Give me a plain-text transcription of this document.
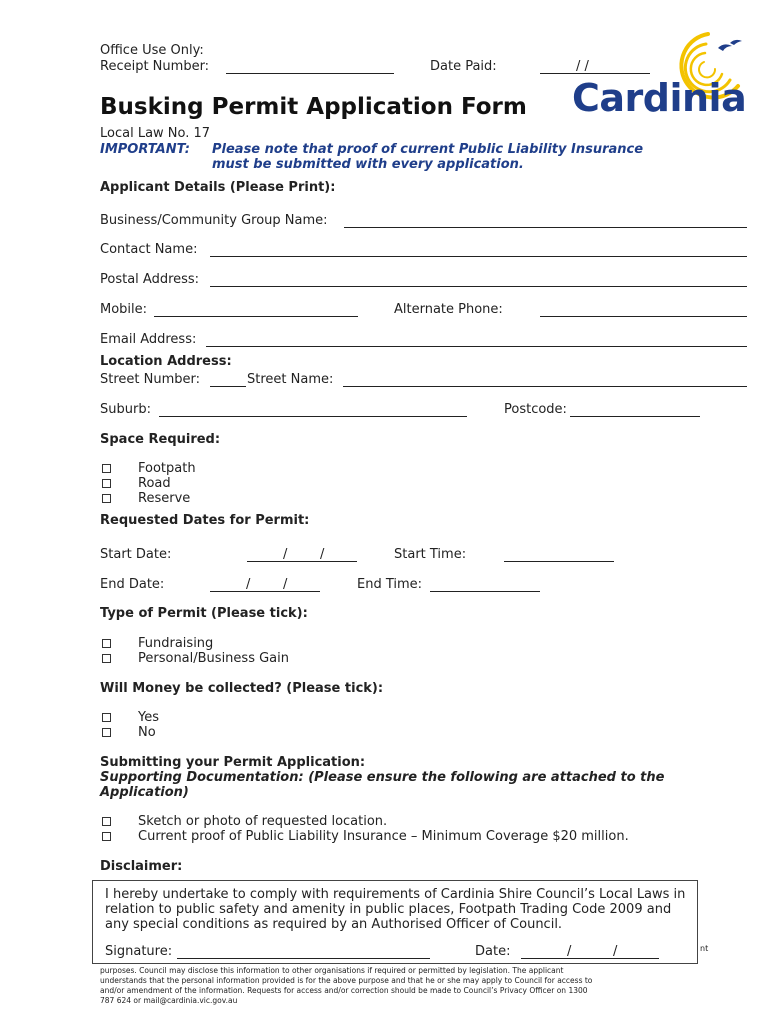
Office Use Only:
Receipt Number:	Date Paid:	/ /
Cardinia
Busking Permit Application Form
Local Law No. 17
IMPORTANT: Please note that proof of current Public Liability Insurance
must be submitted with every application.
Applicant Details (Please Print):
Business/Community Group Name:
Contact Name:
Postal Address:
Mobile:	Alternate Phone:
Email Address:
Location Address:
Street Number:	Street Name:
Suburb:	Postcode:
Space Required:
Footpath
Road
Reserve
Requested Dates for Permit:
Start Date:	/	/	Start Time:
End Date:	/	/	End Time:
Type of Permit (Please tick):
Fundraising
Personal/Business Gain
Will Money be collected? (Please tick):
Yes
No
Submitting your Permit Application:
Supporting Documentation: (Please ensure the following are attached to the
Application)
Sketch or photo of requested location.
Current proof of Public Liability Insurance – Minimum Coverage $20 million.
Disclaimer:
nt
purposes. Council may disclose this information to other organisations if required or permitted by legislation. The applicant
understands that the personal information provided is for the above purpose and that he or she may apply to Council for access to
and/or amendment of the information. Requests for access and/or correction should be made to Council’s Privacy Officer on 1300
787 624 or mail@cardinia.vic.gov.au
I hereby undertake to comply with requirements of Cardinia Shire Council’s Local Laws in
relation to public safety and amenity in public places, Footpath Trading Code 2009 and
any special conditions as required by an Authorised Officer of Council.
Signature:	Date:	/	/
